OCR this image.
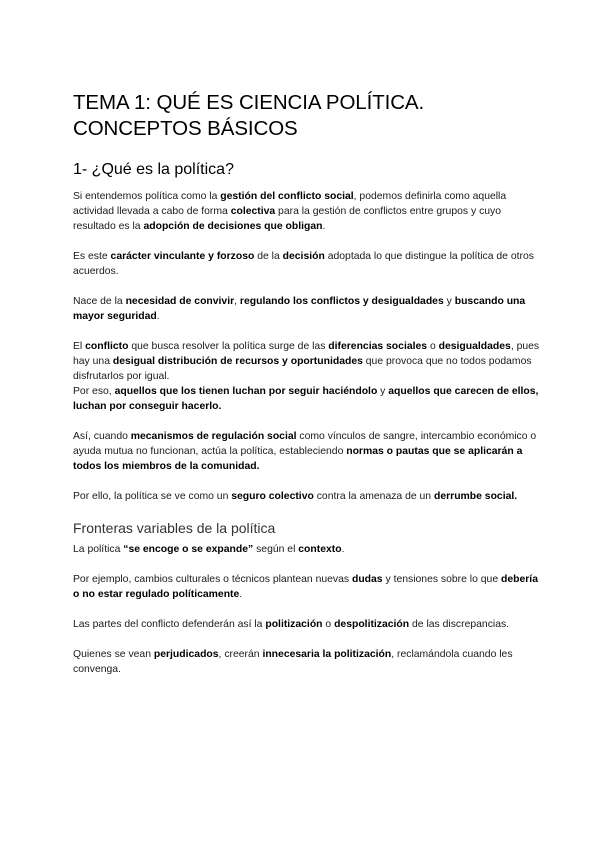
TEMA 1: QUÉ ES CIENCIA POLÍTICA.
CONCEPTOS BÁSICOS
1- ¿Qué es la política?

Si entendemos política como la gestión del conflicto social, podemos definirla como aquella actividad llevada a cabo de forma colectiva para la gestión de conflictos entre grupos y cuyo resultado es la adopción de decisiones que obligan.

Es este carácter vinculante y forzoso de la decisión adoptada lo que distingue la política de otros acuerdos.

Nace de la necesidad de convivir, regulando los conflictos y desigualdades y buscando una mayor seguridad.

El conflicto que busca resolver la política surge de las diferencias sociales o desigualdades, pues hay una desigual distribución de recursos y oportunidades que provoca que no todos podamos disfrutarlos por igual.

Por eso, aquellos que los tienen luchan por seguir haciéndolo y aquellos que carecen de ellos, luchan por conseguir hacerlo.

Así, cuando mecanismos de regulación social como vínculos de sangre, intercambio económico o ayuda mutua no funcionan, actúa la política, estableciendo normas o pautas que se aplicarán a todos los miembros de la comunidad.

Por ello, la política se ve como un seguro colectivo contra la amenaza de un derrumbe social.

Fronteras variables de la política

La política “se encoge o se expande” según el contexto.

Por ejemplo, cambios culturales o técnicos plantean nuevas dudas y tensiones sobre lo que debería o no estar regulado políticamente.

Las partes del conflicto defenderán así la politización o despolitización de las discrepancias.

Quienes se vean perjudicados, creerán innecesaria la politización, reclamándola cuando les convenga.
